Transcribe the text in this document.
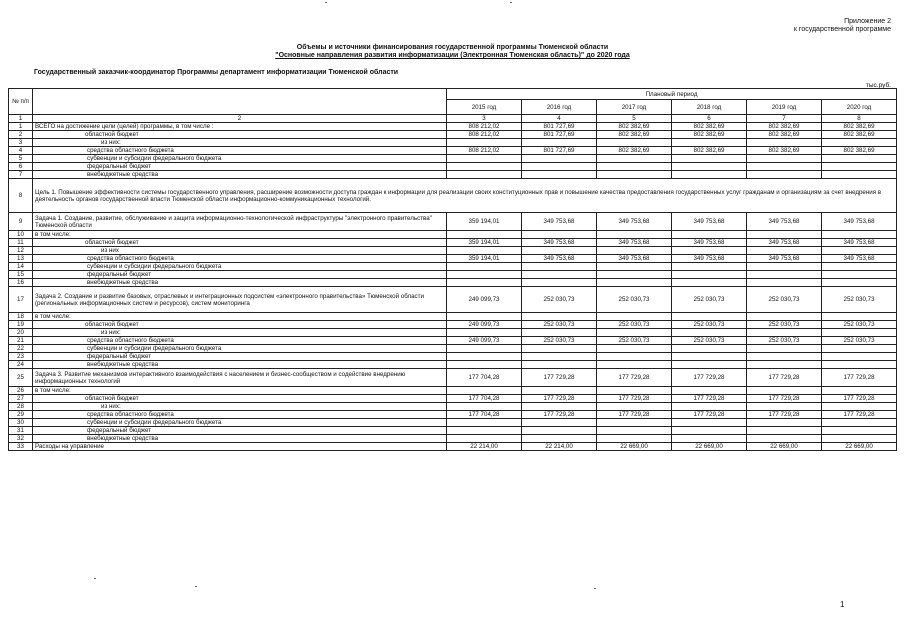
Приложение 2
к государственной программе
Объемы и источники финансирования государственной программы Тюменской области
"Основные направления развития информатизации (Электронная Тюменская область)" до 2020 года
Государственный заказчик-координатор Программы департамент информатизации Тюменской области
тыс.руб.
№ п/п		Плановый период					
		2015 год	2016 год	2017 год	2018 год	2019 год	2020 год
1	2	3	4	5	6	7	8
1	ВСЕГО на достижение цели (целей) программы, в том числе :	808 212,02	801 727,69	802 382,69	802 382,69	802 382,69	802 382,69
2	областной бюджет	808 212,02	801 727,69	802 382,69	802 382,69	802 382,69	802 382,69
3	из них:						
4	средства областного бюджета	808 212,02	801 727,69	802 382,69	802 382,69	802 382,69	802 382,69
5	субвенции и субсидии федерального бюджета						
6	федеральный бюджет						
7	внебюджетные средства						
8	Цель 1. Повышение эффективности системы государственного управления, расширение возможности доступа граждан к информации для реализации своих конституционных прав и повышение качества предоставления государственных услуг гражданам и организациям за счет внедрения в деятельность органов государственной власти Тюменской области информационно-коммуникационных технологий.						
9	Задача 1. Создание, развитие, обслуживание и защита информационно-технологической инфраструктуры "электронного правительства" Тюменской области	359 194,01	349 753,68	349 753,68	349 753,68	349 753,68	349 753,68
10	в том числе:						
11	областной бюджет	359 194,01	349 753,68	349 753,68	349 753,68	349 753,68	349 753,68
12	из них						
13	средства областного бюджета	359 194,01	349 753,68	349 753,68	349 753,68	349 753,68	349 753,68
14	субвенции и субсидии федерального бюджета						
15	федеральный бюджет						
16	внебюджетные средства						
17	Задача 2. Создание и развитие базовых, отраслевых и интеграционных подсистем «электронного правительства» Тюменской области (региональных информационных систем и ресурсов), систем мониторинга	249 099,73	252 030,73	252 030,73	252 030,73	252 030,73	252 030,73
18	в том числе:						
19	областной бюджет	249 099,73	252 030,73	252 030,73	252 030,73	252 030,73	252 030,73
20	из них:						
21	средства областного бюджета	249 099,73	252 030,73	252 030,73	252 030,73	252 030,73	252 030,73
22	субвенции и субсидии федерального бюджета						
23	федеральный бюджет						
24	внебюджетные средства						
25	Задача 3. Развитие механизмов интерактивного взаимодействия с населением и бизнес-сообществом и содействие внедрению информационных технологий	177 704,28	177 729,28	177 729,28	177 729,28	177 729,28	177 729,28
26	в том числе:						
27	областной бюджет	177 704,28	177 729,28	177 729,28	177 729,28	177 729,28	177 729,28
28	из них:						
29	средства областного бюджета	177 704,28	177 729,28	177 729,28	177 729,28	177 729,28	177 729,28
30	субвенции и субсидии федерального бюджета						
31	федеральный бюджет						
32	внебюджетные средства						
33	Расходы на управление	22 214,00	22 214,00	22 669,00	22 669,00	22 669,00	22 669,00
1
